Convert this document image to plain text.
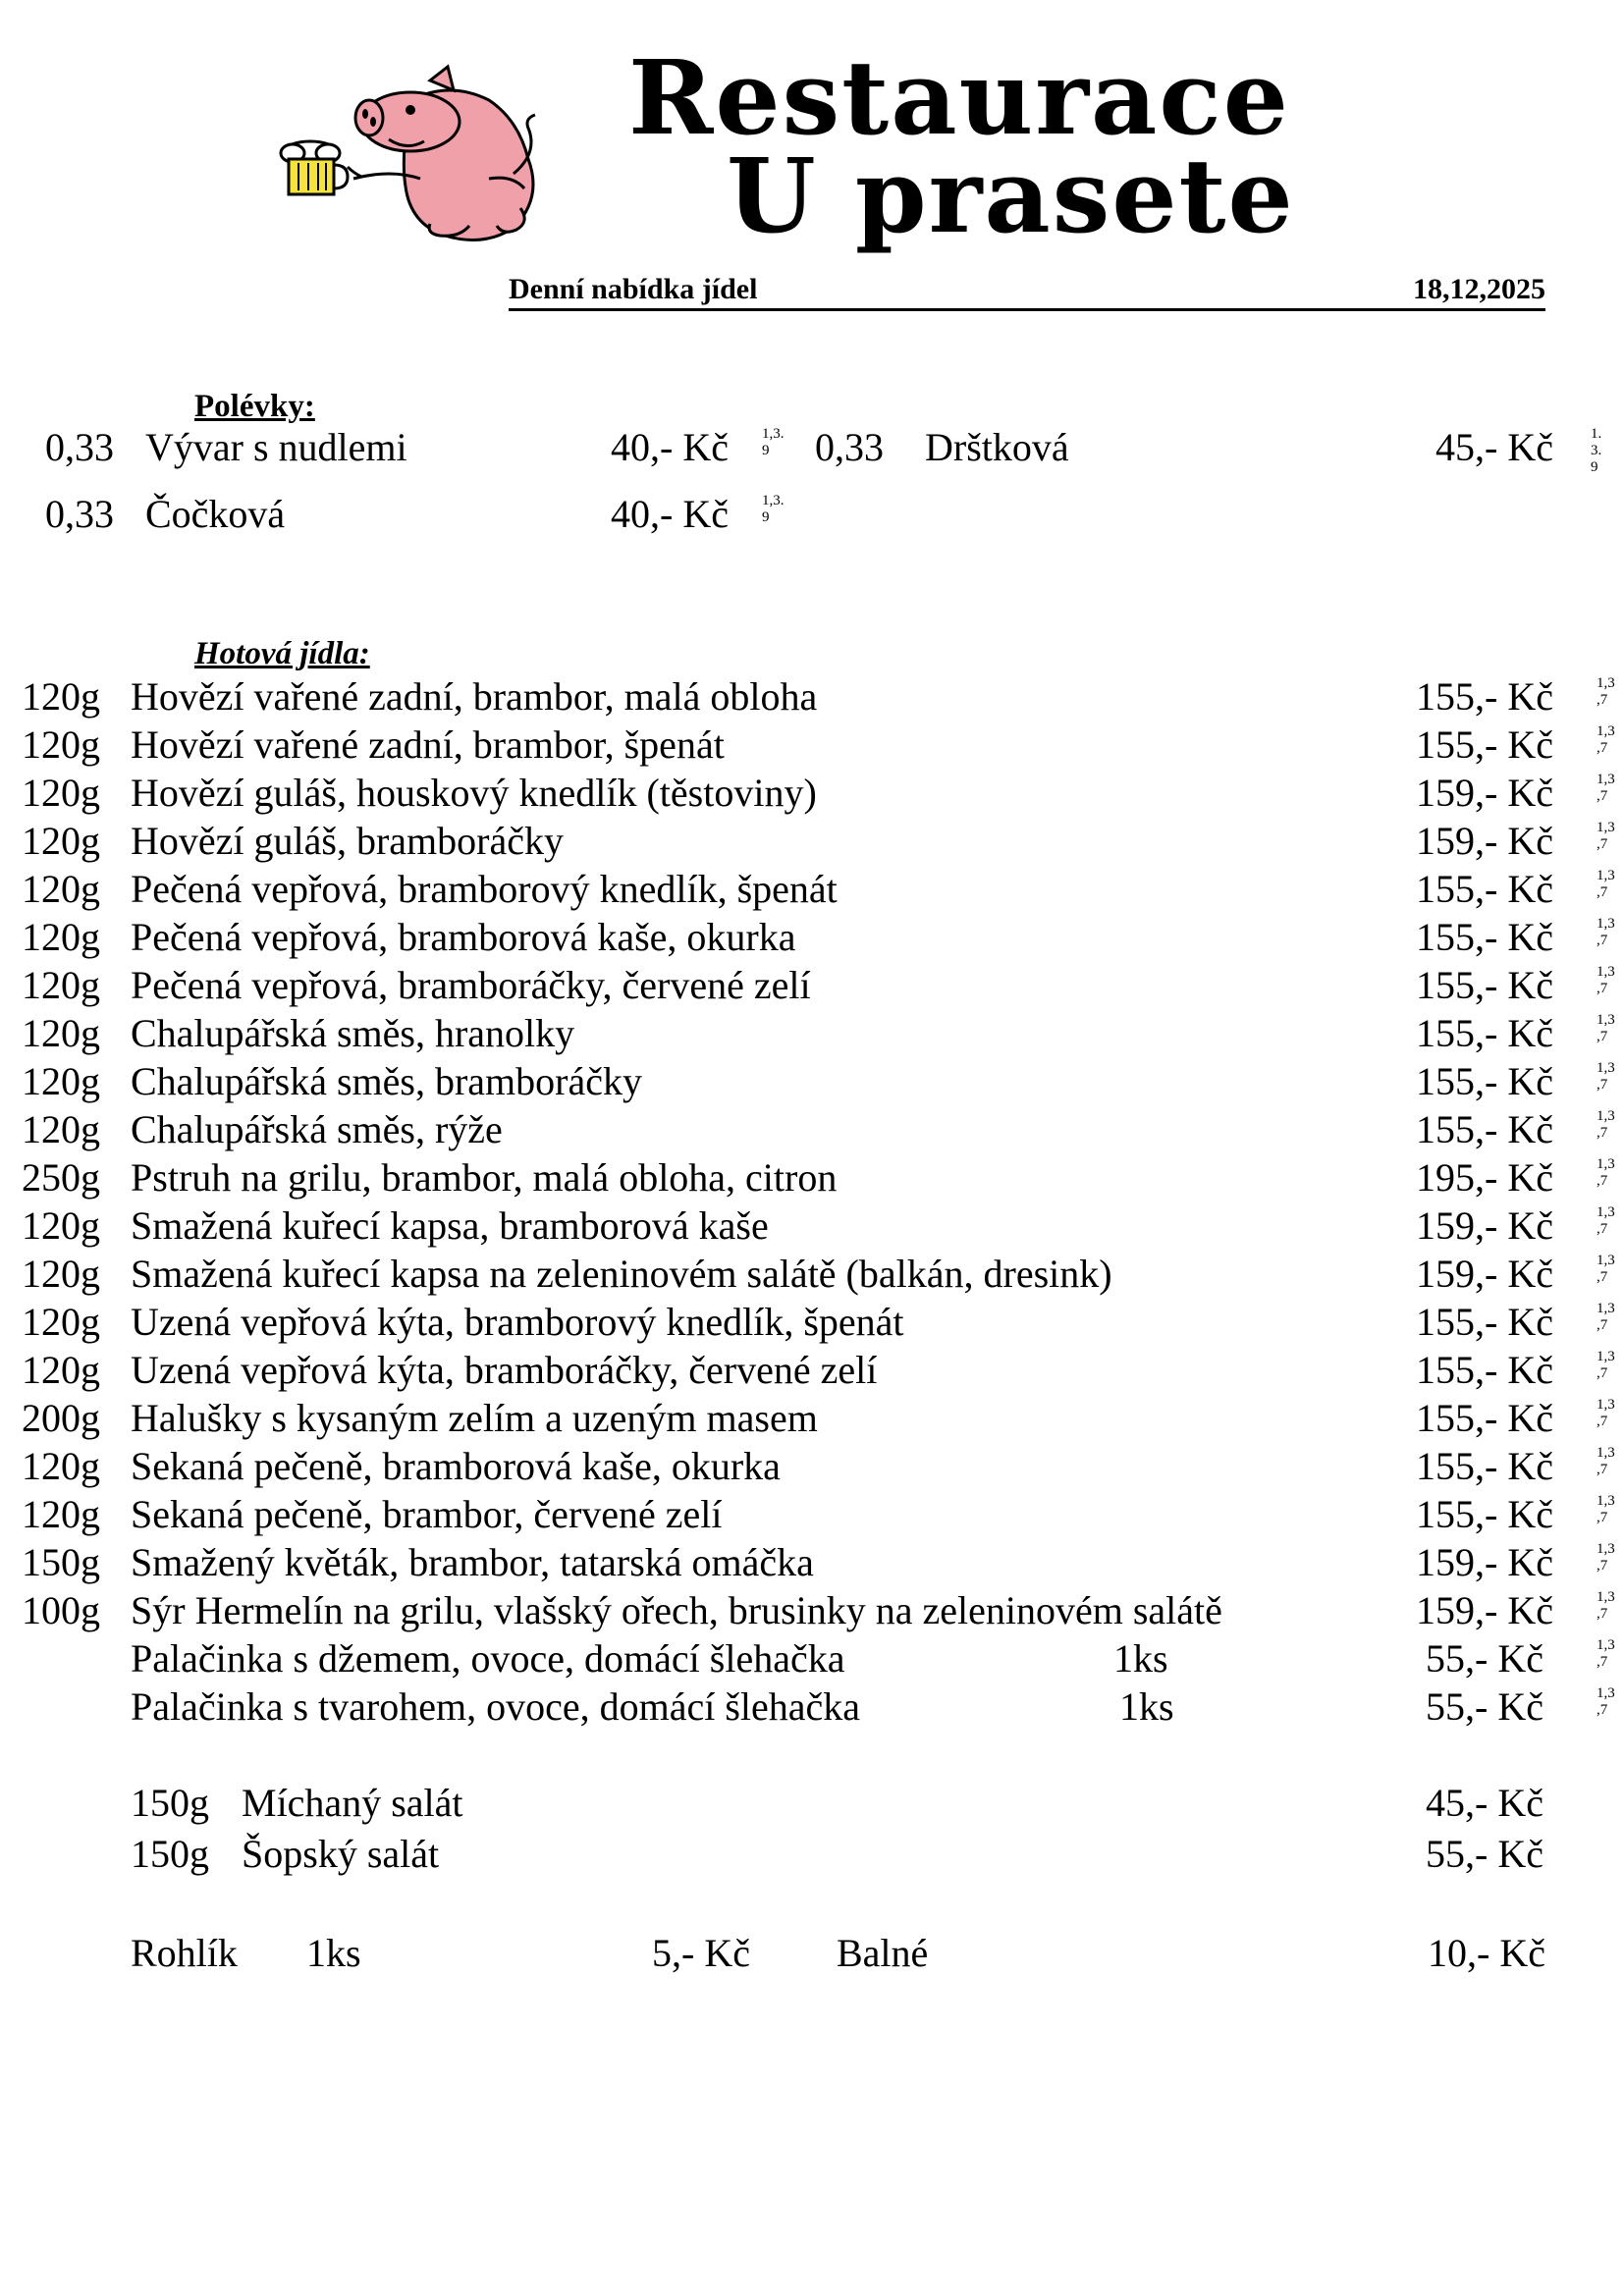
Restaurace
U prasete
Denní nabídka jídel	18,12,2025
Polévky:
0,33 Vývar s nudlemi	40,- Kč 1,3.
9	0,33 Drštková	45,- Kč	1.
3.
9
0,33 Čočková	40,- Kč 1,3.
9
Hotová jídla:
120g Hovězí vařené zadní, brambor, malá obloha	155,- Kč	1,3
,7
120g Hovězí vařené zadní, brambor, špenát	155,- Kč	1,3
,7
120g Hovězí guláš, houskový knedlík (těstoviny)	159,- Kč	1,3
,7
120g Hovězí guláš, bramboráčky	159,- Kč	1,3
,7
120g Pečená vepřová, bramborový knedlík, špenát	155,- Kč	1,3
,7
120g Pečená vepřová, bramborová kaše, okurka	155,- Kč	1,3
,7
120g Pečená vepřová, bramboráčky, červené zelí	155,- Kč	1,3
,7
120g Chalupářská směs, hranolky	155,- Kč	1,3
,7
120g Chalupářská směs, bramboráčky	155,- Kč	1,3
,7
120g Chalupářská směs, rýže	155,- Kč	1,3
,7
250g Pstruh na grilu, brambor, malá obloha, citron	195,- Kč	1,3
,7
120g Smažená kuřecí kapsa, bramborová kaše	159,- Kč	1,3
,7
120g Smažená kuřecí kapsa na zeleninovém salátě (balkán, dresink)	159,- Kč	1,3
,7
120g Uzená vepřová kýta, bramborový knedlík, špenát	155,- Kč	1,3
,7
120g Uzená vepřová kýta, bramboráčky, červené zelí	155,- Kč	1,3
,7
200g Halušky s kysaným zelím a uzeným masem	155,- Kč	1,3
,7
120g Sekaná pečeně, bramborová kaše, okurka	155,- Kč	1,3
,7
120g Sekaná pečeně, brambor, červené zelí	155,- Kč	1,3
,7
150g Smažený květák, brambor, tatarská omáčka	159,- Kč	1,3
,7
100g Sýr Hermelín na grilu, vlašský ořech, brusinky na zeleninovém salátě	159,- Kč	1,3
,7
Palačinka s džemem, ovoce, domácí šlehačka	1ks	55,- Kč	1,3
,7
Palačinka s tvarohem, ovoce, domácí šlehačka	1ks	55,- Kč	1,3
,7
150g Míchaný salát	45,- Kč
150g Šopský salát	55,- Kč
Rohlík 1ks	5,- Kč Balné	10,- Kč
